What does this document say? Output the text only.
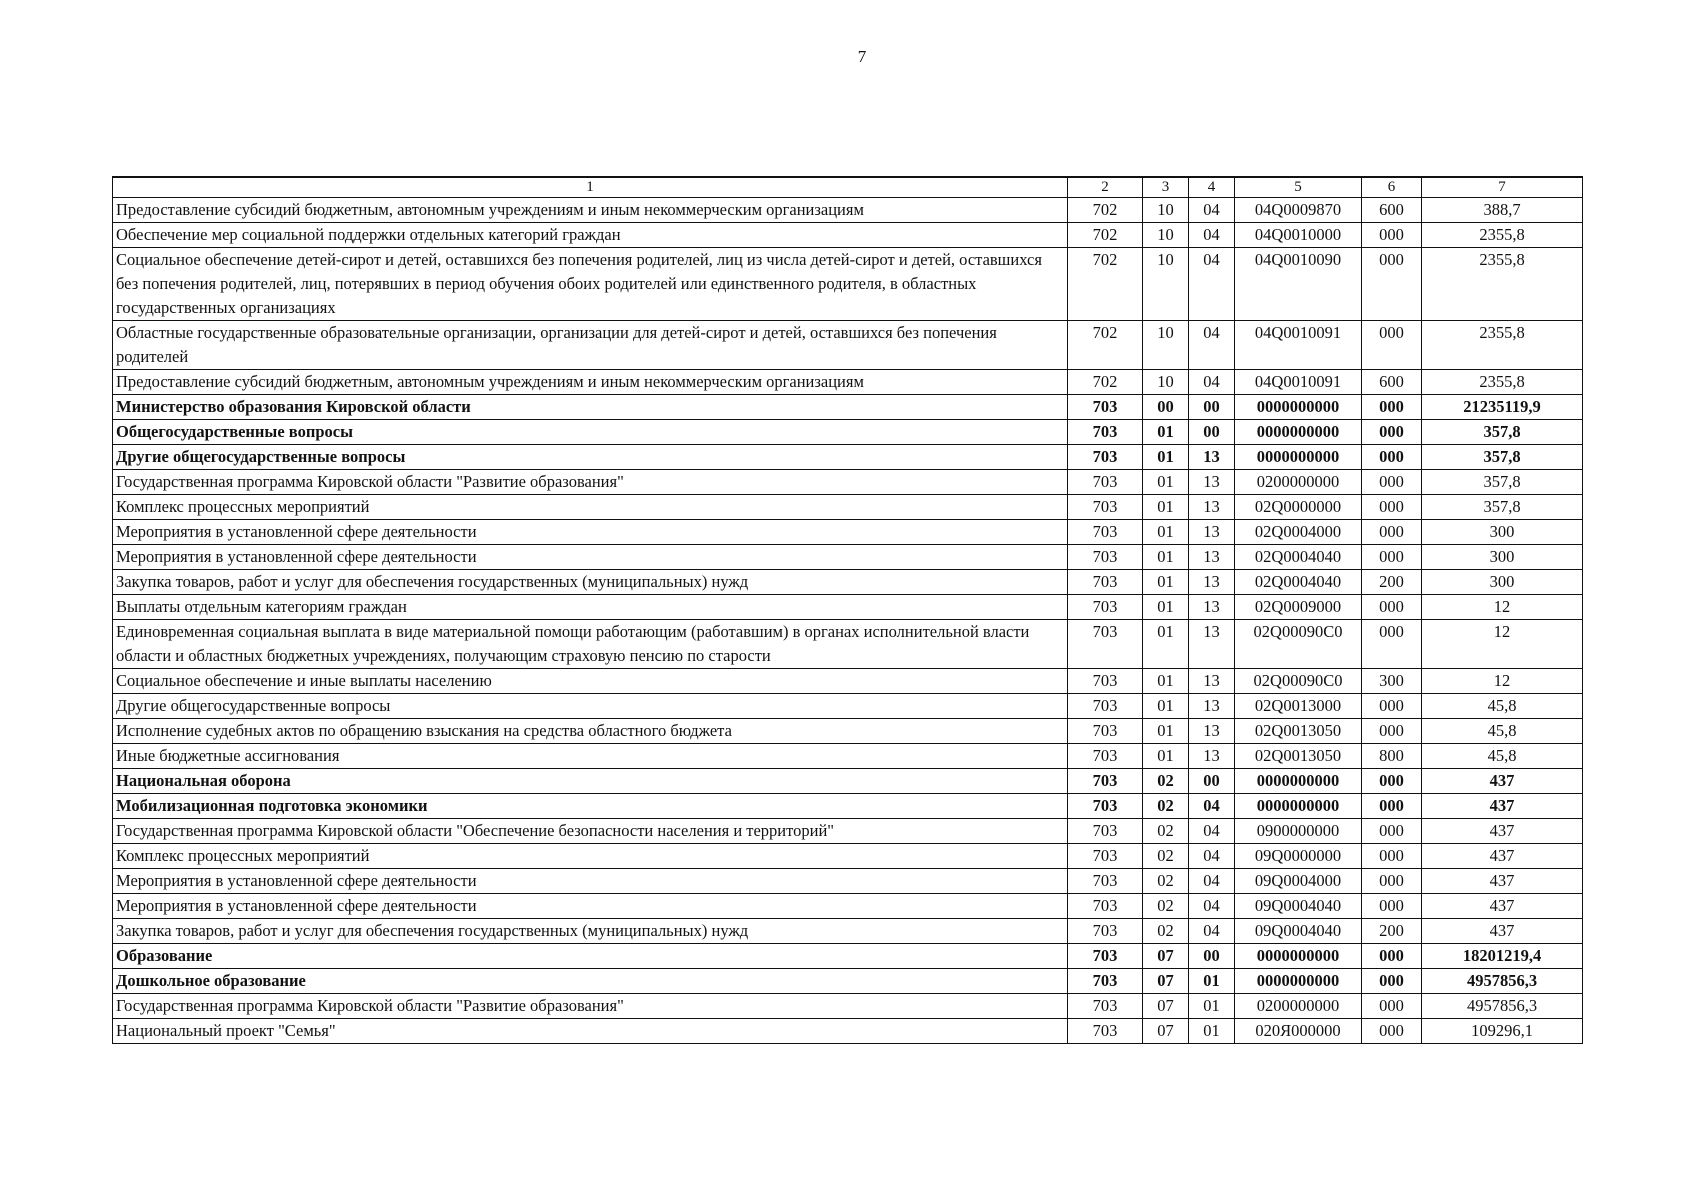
7
1	2	3	4	5	6	7
Предоставление субсидий бюджетным, автономным учреждениям и иным некоммерческим организациям	702	10	04	04Q0009870	600	388,7
Обеспечение мер социальной поддержки отдельных категорий граждан	702	10	04	04Q0010000	000	2355,8
Социальное обеспечение детей-сирот и детей, оставшихся без попечения родителей, лиц из числа детей-сирот и детей, оставшихся без попечения родителей, лиц, потерявших в период обучения обоих родителей или единственного родителя, в областных государственных организациях	702	10	04	04Q0010090	000	2355,8
Областные государственные образовательные организации, организации для детей-сирот и детей, оставшихся без попечения родителей	702	10	04	04Q0010091	000	2355,8
Предоставление субсидий бюджетным, автономным учреждениям и иным некоммерческим организациям	702	10	04	04Q0010091	600	2355,8
Министерство образования Кировской области	703	00	00	0000000000	000	21235119,9
Общегосударственные вопросы	703	01	00	0000000000	000	357,8
Другие общегосударственные вопросы	703	01	13	0000000000	000	357,8
Государственная программа Кировской области "Развитие образования"	703	01	13	0200000000	000	357,8
Комплекс процессных мероприятий	703	01	13	02Q0000000	000	357,8
Мероприятия в установленной сфере деятельности	703	01	13	02Q0004000	000	300
Мероприятия в установленной сфере деятельности	703	01	13	02Q0004040	000	300
Закупка товаров, работ и услуг для обеспечения государственных (муниципальных) нужд	703	01	13	02Q0004040	200	300
Выплаты отдельным категориям граждан	703	01	13	02Q0009000	000	12
Единовременная социальная выплата в виде материальной помощи работающим (работавшим) в органах исполнительной власти области и областных бюджетных учреждениях, получающим страховую пенсию по старости	703	01	13	02Q00090C0	000	12
Социальное обеспечение и иные выплаты населению	703	01	13	02Q00090C0	300	12
Другие общегосударственные вопросы	703	01	13	02Q0013000	000	45,8
Исполнение судебных актов по обращению взыскания на средства областного бюджета	703	01	13	02Q0013050	000	45,8
Иные бюджетные ассигнования	703	01	13	02Q0013050	800	45,8
Национальная оборона	703	02	00	0000000000	000	437
Мобилизационная подготовка экономики	703	02	04	0000000000	000	437
Государственная программа Кировской области "Обеспечение безопасности населения и территорий"	703	02	04	0900000000	000	437
Комплекс процессных мероприятий	703	02	04	09Q0000000	000	437
Мероприятия в установленной сфере деятельности	703	02	04	09Q0004000	000	437
Мероприятия в установленной сфере деятельности	703	02	04	09Q0004040	000	437
Закупка товаров, работ и услуг для обеспечения государственных (муниципальных) нужд	703	02	04	09Q0004040	200	437
Образование	703	07	00	0000000000	000	18201219,4
Дошкольное образование	703	07	01	0000000000	000	4957856,3
Государственная программа Кировской области "Развитие образования"	703	07	01	0200000000	000	4957856,3
Национальный проект "Семья"	703	07	01	020Я000000	000	109296,1
